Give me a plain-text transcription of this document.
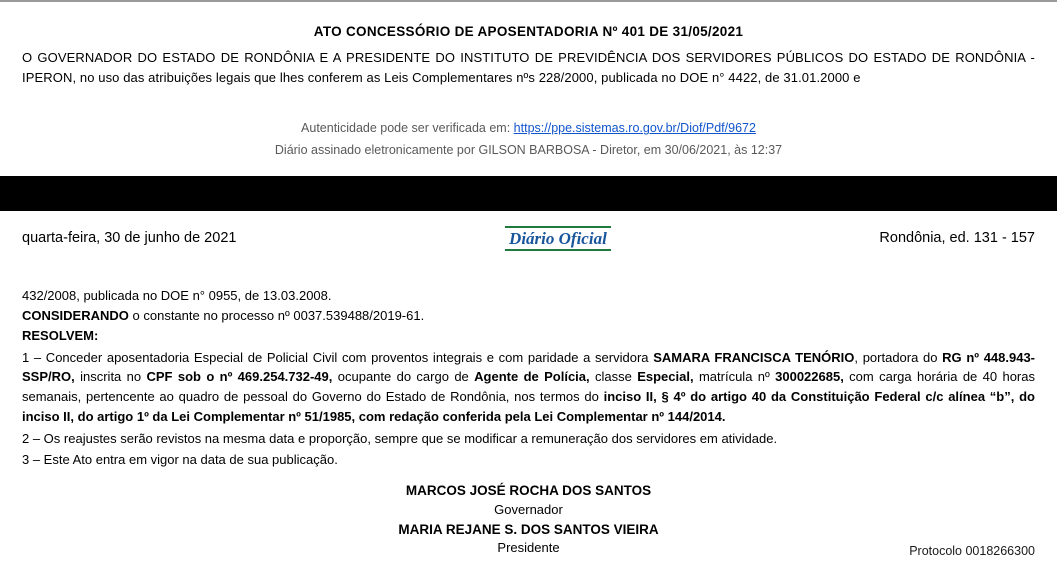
ATO CONCESSÓRIO DE APOSENTADORIA Nº 401 DE 31/05/2021
O GOVERNADOR DO ESTADO DE RONDÔNIA E A PRESIDENTE DO INSTITUTO DE PREVIDÊNCIA DOS SERVIDORES PÚBLICOS DO ESTADO DE RONDÔNIA - IPERON, no uso das atribuições legais que lhes conferem as Leis Complementares nºs 228/2000, publicada no DOE n° 4422, de 31.01.2000 e
Autenticidade pode ser verificada em: https://ppe.sistemas.ro.gov.br/Diof/Pdf/9672
Diário assinado eletronicamente por GILSON BARBOSA - Diretor, em 30/06/2021, às 12:37
quarta-feira, 30 de junho de 2021	Diário Oficial	Rondônia, ed. 131 - 157

432/2008, publicada no DOE n° 0955, de 13.03.2008.

CONSIDERANDO o constante no processo nº 0037.539488/2019-61.

RESOLVEM:

1 – Conceder aposentadoria Especial de Policial Civil com proventos integrais e com paridade a servidora SAMARA FRANCISCA TENÓRIO, portadora do RG nº 448.943-SSP/RO, inscrita no CPF sob o nº 469.254.732-49, ocupante do cargo de Agente de Polícia, classe Especial, matrícula nº 300022685, com carga horária de 40 horas semanais, pertencente ao quadro de pessoal do Governo do Estado de Rondônia, nos termos do inciso II, § 4º do artigo 40 da Constituição Federal c/c alínea “b”, do inciso II, do artigo 1º da Lei Complementar nº 51/1985, com redação conferida pela Lei Complementar nº 144/2014.

2 – Os reajustes serão revistos na mesma data e proporção, sempre que se modificar a remuneração dos servidores em atividade.

3 – Este Ato entra em vigor na data de sua publicação.

MARCOS JOSÉ ROCHA DOS SANTOS
Governador
MARIA REJANE S. DOS SANTOS VIEIRA
Presidente	Protocolo 0018266300
